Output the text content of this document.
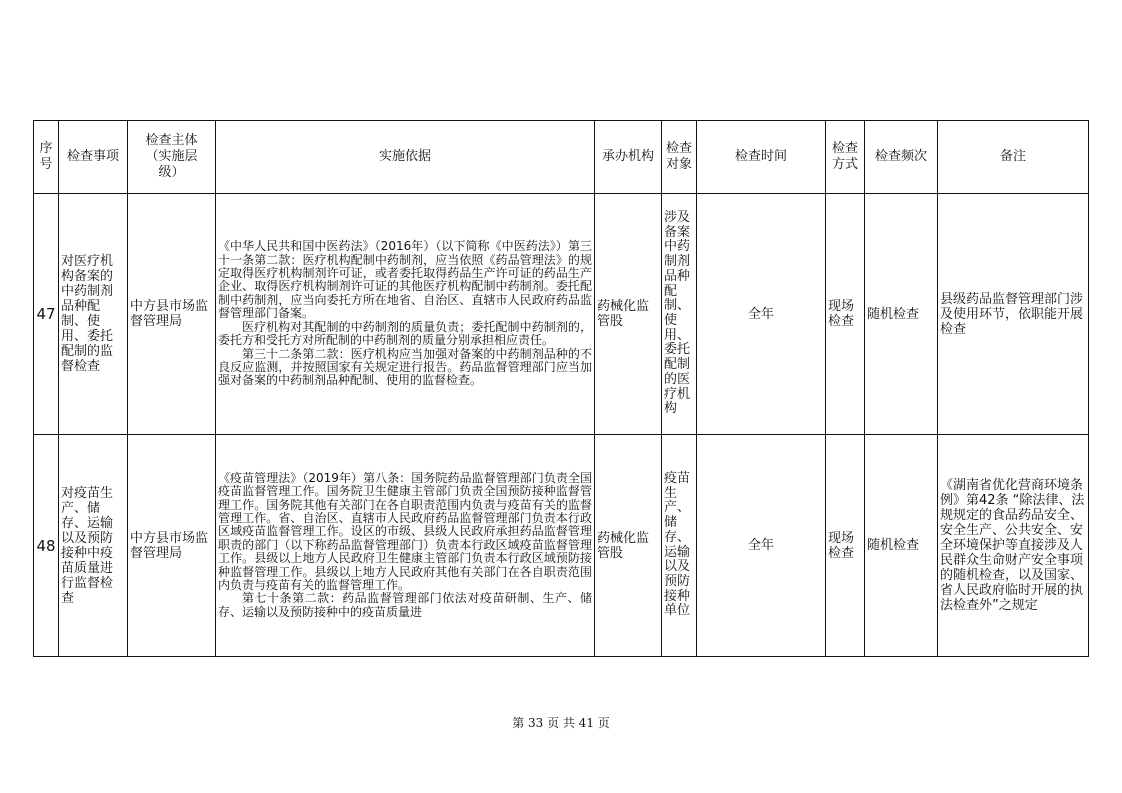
序号	检查事项	检查主体（实施层级）	实施依据	承办机构	检查对象	检查时间	检查方式	检查频次	备注
47	对医疗机构备案的中药制剂品种配制、使用、委托配制的监督检查	中方县市场监督管理局	《中华人民共和国中医药法》（2016年）（以下简称《中医药法》）第三十一条第二款：医疗机构配制中药制剂，应当依照《药品管理法》的规定取得医疗机构制剂许可证，或者委托取得药品生产许可证的药品生产企业、取得医疗机构制剂许可证的其他医疗机构配制中药制剂。委托配制中药制剂，应当向委托方所在地省、自治区、直辖市人民政府药品监督管理部门备案。

医疗机构对其配制的中药制剂的质量负责；委托配制中药制剂的，委托方和受托方对所配制的中药制剂的质量分别承担相应责任。

第三十二条第二款：医疗机构应当加强对备案的中药制剂品种的不良反应监测，并按照国家有关规定进行报告。药品监督管理部门应当加强对备案的中药制剂品种配制、使用的监督检查。	药械化监管股	涉及备案中药制剂品种配制、使用、委托配制的医疗机构	全年	现场检查	随机检查	县级药品监督管理部门涉及使用环节，依职能开展检查
48	对疫苗生产、储存、运输以及预防接种中疫苗质量进行监督检查	中方县市场监督管理局	《疫苗管理法》（2019年）第八条：国务院药品监督管理部门负责全国疫苗监督管理工作。国务院卫生健康主管部门负责全国预防接种监督管理工作。国务院其他有关部门在各自职责范围内负责与疫苗有关的监督管理工作。省、自治区、直辖市人民政府药品监督管理部门负责本行政区域疫苗监督管理工作。设区的市级、县级人民政府承担药品监督管理职责的部门（以下称药品监督管理部门）负责本行政区域疫苗监督管理工作。县级以上地方人民政府卫生健康主管部门负责本行政区域预防接种监督管理工作。县级以上地方人民政府其他有关部门在各自职责范围内负责与疫苗有关的监督管理工作。

第七十条第二款：药品监督管理部门依法对疫苗研制、生产、储存、运输以及预防接种中的疫苗质量进	药械化监管股	疫苗生产、储存、运输以及预防接种单位	全年	现场检查	随机检查	《湖南省优化营商环境条例》第42条 “除法律、法规规定的食品药品安全、安全生产、公共安全、安全环境保护等直接涉及人民群众生命财产安全事项的随机检查，以及国家、省人民政府临时开展的执法检查外”之规定
第 33 页 共 41 页
